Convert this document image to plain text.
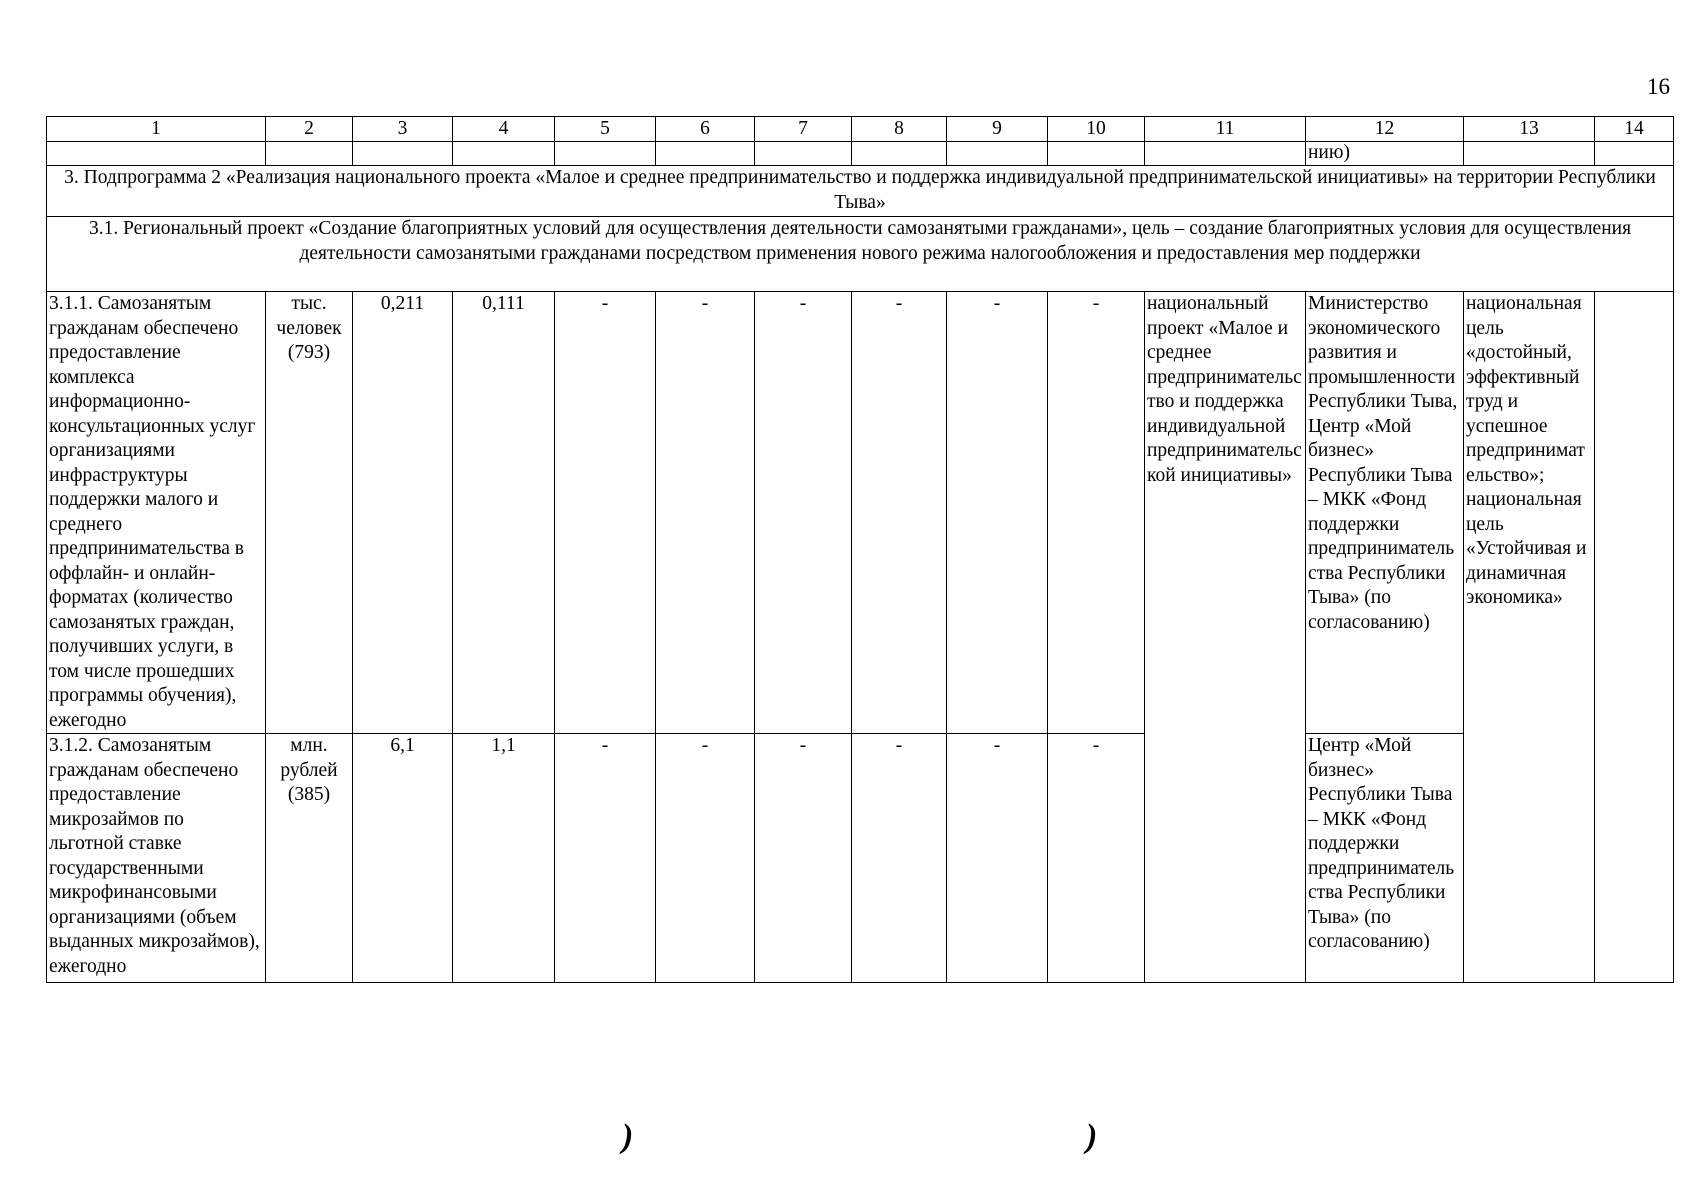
16
1	2	3	4	5	6	7	8	9	10	11	12	13	14
											нию)		
3. Подпрограмма 2 «Реализация национального проекта «Малое и среднее предпринимательство и поддержка индивидуальной предпринимательской инициативы» на территории Республики Тыва»													
3.1. Региональный проект «Создание благоприятных условий для осуществления деятельности самозанятыми гражданами», цель – создание благоприятных условия для осуществления деятельности самозанятыми гражданами посредством применения нового режима налогообложения и предоставления мер поддержки													
3.1.1. Самозанятым гражданам обеспечено предоставление комплекса информационно-консультационных услуг организациями инфраструктуры поддержки малого и среднего предпринимательства в оффлайн- и онлайн-форматах (количество самозанятых граждан, получивших услуги, в том числе прошедших программы обучения), ежегодно	тыс. человек (793)	0,211	0,111	-	-	-	-	-	-	национальный проект «Малое и среднее предпринимательство и поддержка индивидуальной предпринимательской инициативы»	Министерство экономического развития и промышленности Республики Тыва, Центр «Мой бизнес» Республики Тыва – МКК «Фонд поддержки предпринимательства Республики Тыва» (по согласованию)	национальная цель «достойный, эффективный труд и успешное предпринимательство»; национальная цель «Устойчивая и динамичная экономика»	
3.1.2. Самозанятым гражданам обеспечено предоставление микрозаймов по льготной ставке государственными микрофинансовыми организациями (объем выданных микрозаймов), ежегодно	млн. рублей (385)	6,1	1,1	-	-	-	-	-	-		Центр «Мой бизнес» Республики Тыва – МКК «Фонд поддержки предпринимательства Республики Тыва» (по согласованию)		
)	)
